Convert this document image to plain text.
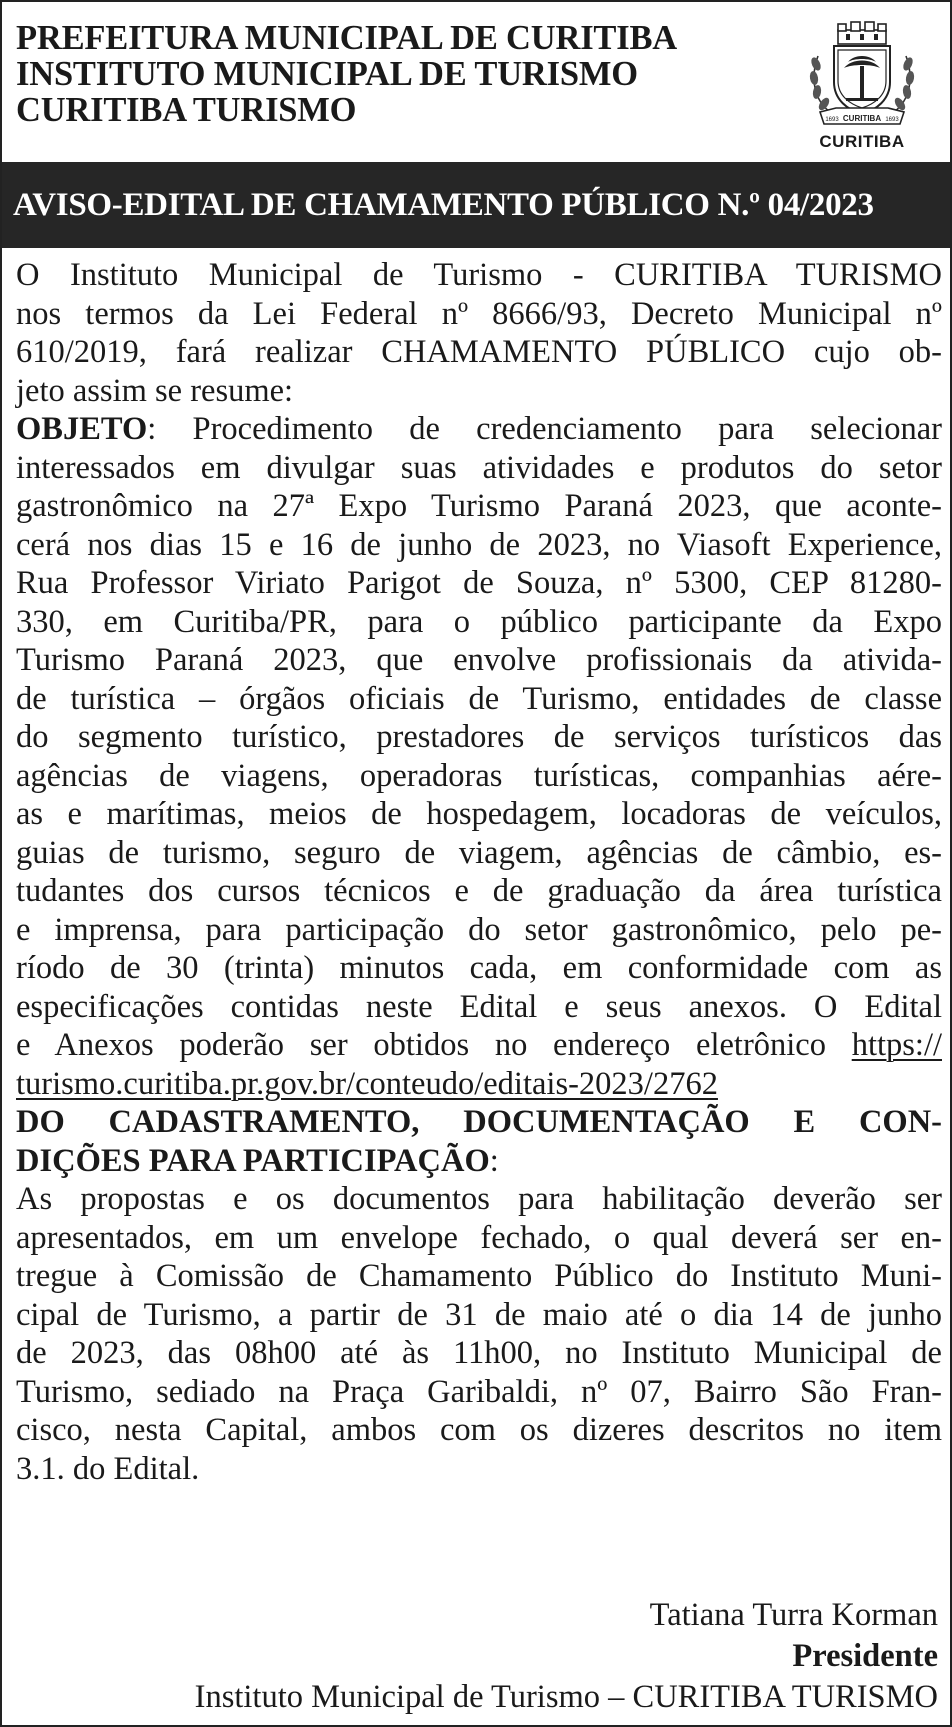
PREFEITURA MUNICIPAL DE CURITIBA
INSTITUTO MUNICIPAL DE TURISMO
CURITIBA TURISMO	CURITIBA
1693	1693
CURITIBA
AVISO-EDITAL DE CHAMAMENTO PÚBLICO N.º 04/2023
O Instituto Municipal de Turismo - CURITIBA TURISMO
nos termos da Lei Federal nº 8666/93, Decreto Municipal nº
610/2019, fará realizar CHAMAMENTO PÚBLICO cujo ob-
jeto assim se resume:
OBJETO: Procedimento de credenciamento para selecionar
interessados em divulgar suas atividades e produtos do setor
gastronômico na 27ª Expo Turismo Paraná 2023, que aconte-
cerá nos dias 15 e 16 de junho de 2023, no Viasoft Experience,
Rua Professor Viriato Parigot de Souza, nº 5300, CEP 81280-
330, em Curitiba/PR, para o público participante da Expo
Turismo Paraná 2023, que envolve profissionais da ativida-
de turística – órgãos oficiais de Turismo, entidades de classe
do segmento turístico, prestadores de serviços turísticos das
agências de viagens, operadoras turísticas, companhias aére-
as e marítimas, meios de hospedagem, locadoras de veículos,
guias de turismo, seguro de viagem, agências de câmbio, es-
tudantes dos cursos técnicos e de graduação da área turística
e imprensa, para participação do setor gastronômico, pelo pe-
ríodo de 30 (trinta) minutos cada, em conformidade com as
especificações contidas neste Edital e seus anexos. O Edital
e Anexos poderão ser obtidos no endereço eletrônico https://
turismo.curitiba.pr.gov.br/conteudo/editais-2023/2762
DO CADASTRAMENTO, DOCUMENTAÇÃO E CON-
DIÇÕES PARA PARTICIPAÇÃO:
As propostas e os documentos para habilitação deverão ser
apresentados, em um envelope fechado, o qual deverá ser en-
tregue à Comissão de Chamamento Público do Instituto Muni-
cipal de Turismo, a partir de 31 de maio até o dia 14 de junho
de 2023, das 08h00 até às 11h00, no Instituto Municipal de
Turismo, sediado na Praça Garibaldi, nº 07, Bairro São Fran-
cisco, nesta Capital, ambos com os dizeres descritos no item
3.1. do Edital.
Tatiana Turra Korman
Presidente
Instituto Municipal de Turismo – CURITIBA TURISMO
